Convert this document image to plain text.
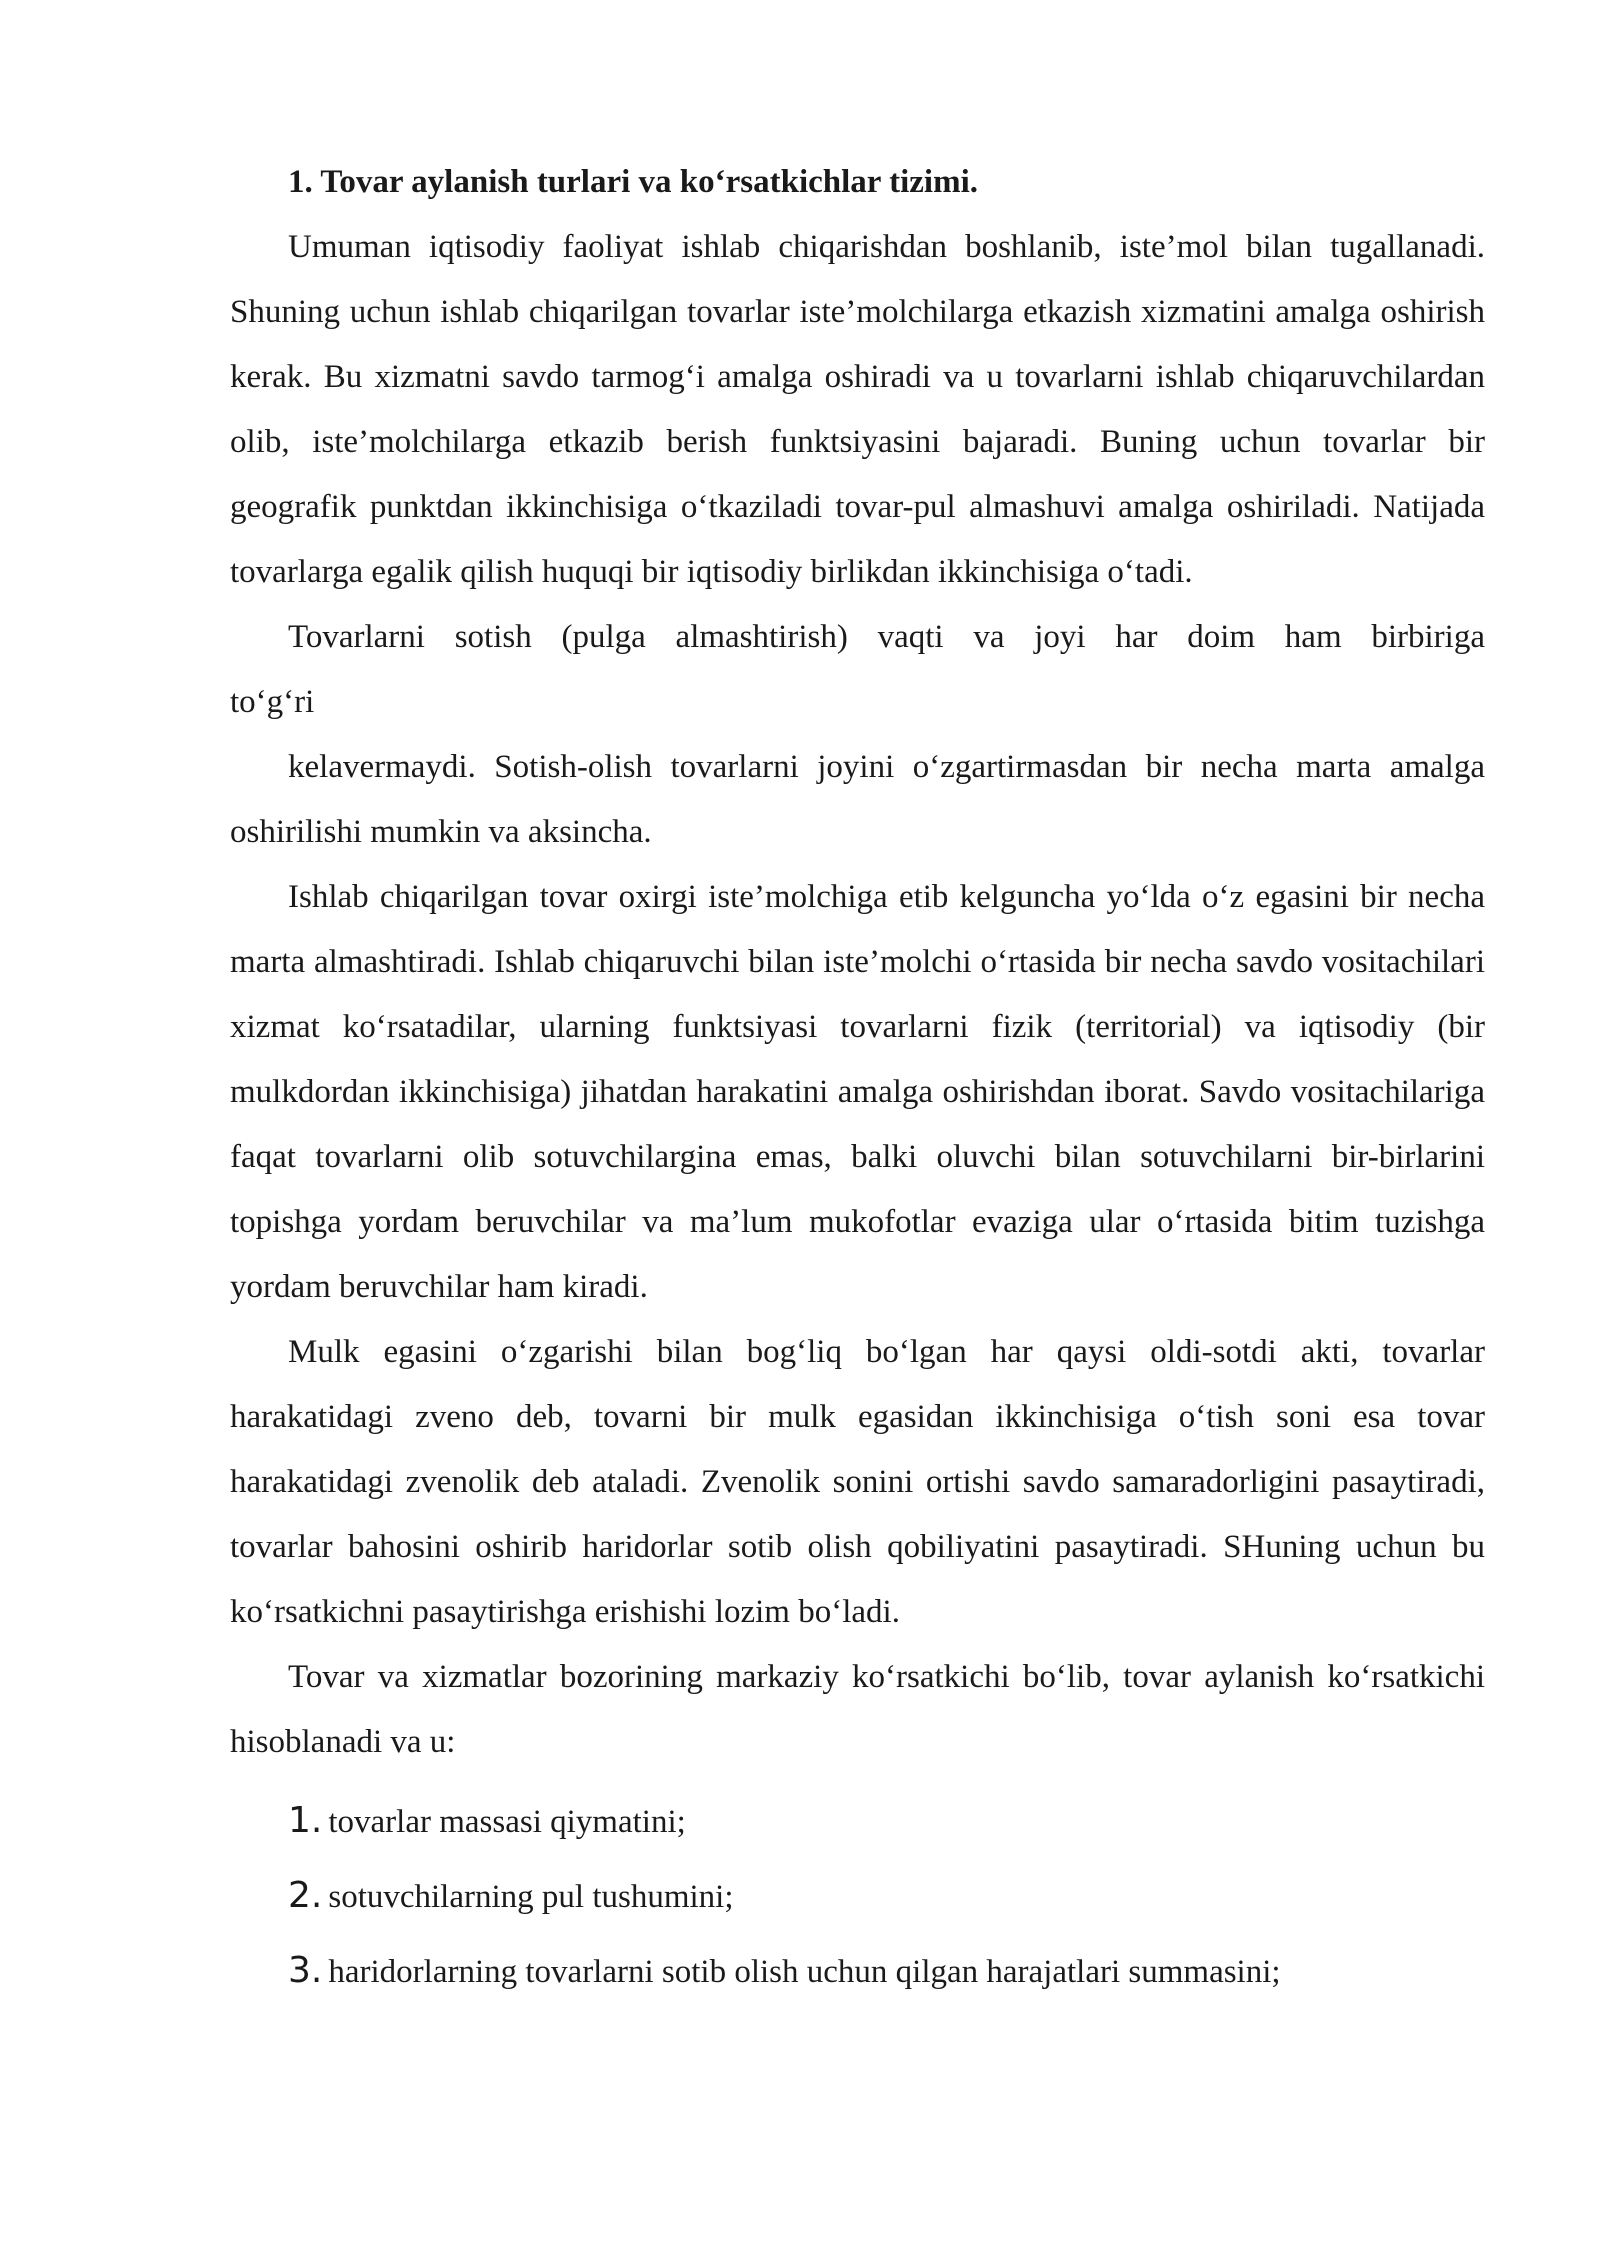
1. Tovar aylanish turlari va ko‘rsatkichlar tizimi.

Umuman iqtisodiy faoliyat ishlab chiqarishdan boshlanib, iste’mol bilan tugallanadi. Shuning uchun ishlab chiqarilgan tovarlar iste’molchilarga etkazish xizmatini amalga oshirish kerak. Bu xizmatni savdo tarmog‘i amalga oshiradi va u tovarlarni ishlab chiqaruvchilardan olib, iste’molchilarga etkazib berish funktsiyasini bajaradi. Buning uchun tovarlar bir geografik punktdan ikkinchisiga o‘tkaziladi tovar-pul almashuvi amalga oshiriladi. Natijada tovarlarga egalik qilish huquqi bir iqtisodiy birlikdan ikkinchisiga o‘tadi.

Tovarlarni sotish (pulga almashtirish) vaqti va joyi har doim ham birbiriga

to‘g‘ri

kelavermaydi. Sotish-olish tovarlarni joyini o‘zgartirmasdan bir necha marta amalga oshirilishi mumkin va aksincha.

Ishlab chiqarilgan tovar oxirgi iste’molchiga etib kelguncha yo‘lda o‘z egasini bir necha marta almashtiradi. Ishlab chiqaruvchi bilan iste’molchi o‘rtasida bir necha savdo vositachilari xizmat ko‘rsatadilar, ularning funktsiyasi tovarlarni fizik (territorial) va iqtisodiy (bir mulkdordan ikkinchisiga) jihatdan harakatini amalga oshirishdan iborat. Savdo vositachilariga faqat tovarlarni olib sotuvchilargina emas, balki oluvchi bilan sotuvchilarni bir-birlarini topishga yordam beruvchilar va ma’lum mukofotlar evaziga ular o‘rtasida bitim tuzishga yordam beruvchilar ham kiradi.

Mulk egasini o‘zgarishi bilan bog‘liq bo‘lgan har qaysi oldi-sotdi akti, tovarlar harakatidagi zveno deb, tovarni bir mulk egasidan ikkinchisiga o‘tish soni esa tovar harakatidagi zvenolik deb ataladi. Zvenolik sonini ortishi savdo samaradorligini pasaytiradi, tovarlar bahosini oshirib haridorlar sotib olish qobiliyatini pasaytiradi. SHuning uchun bu ko‘rsatkichni pasaytirishga erishishi lozim bo‘ladi.

Tovar va xizmatlar bozorining markaziy ko‘rsatkichi bo‘lib, tovar aylanish ko‘rsatkichi hisoblanadi va u:

1. tovarlar massasi qiymatini;
2. sotuvchilarning pul tushumini;
3. haridorlarning tovarlarni sotib olish uchun qilgan harajatlari summasini;
